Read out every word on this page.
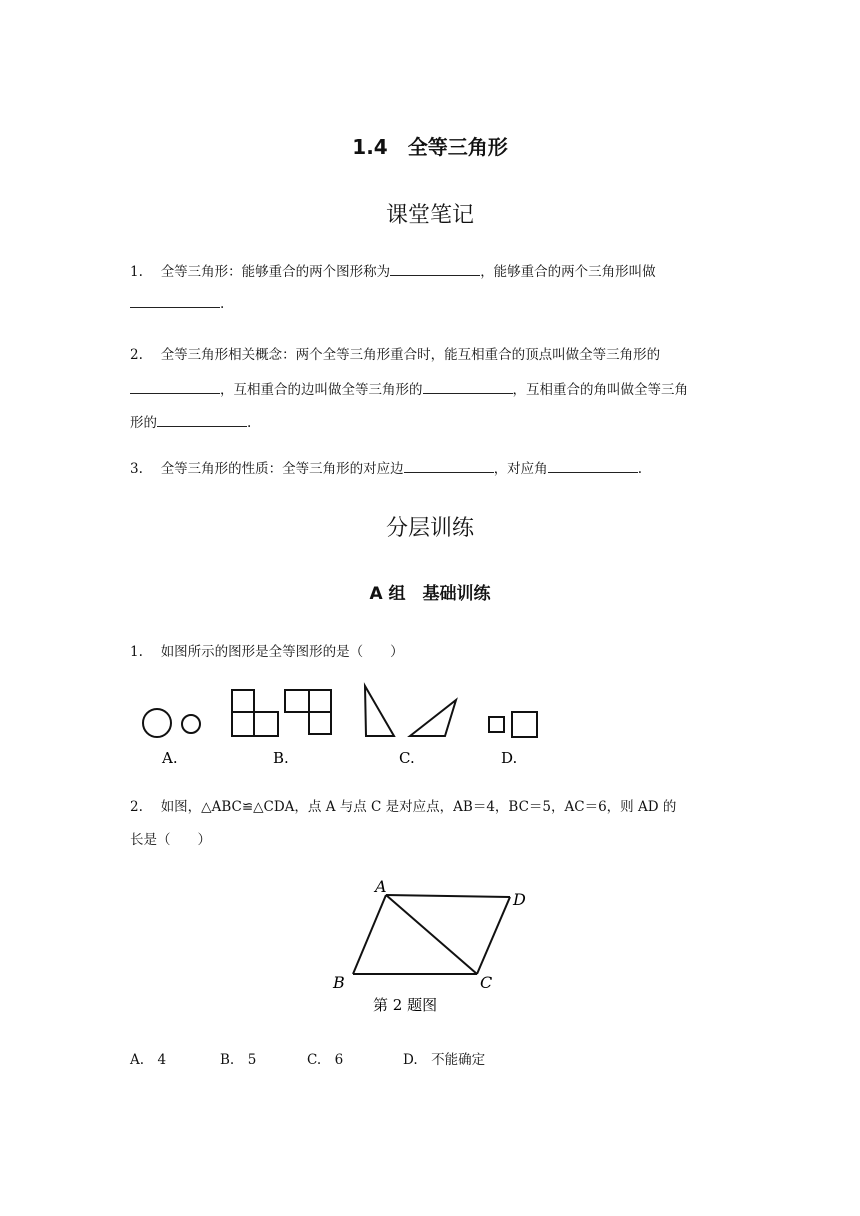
1.4　全等三角形
课堂笔记
1.　 全等三角形：能够重合的两个图形称为	，能够重合的两个三角形叫做
.
2.　 全等三角形相关概念：两个全等三角形重合时，能互相重合的顶点叫做全等三角形的
，互相重合的边叫做全等三角形的	，互相重合的角叫做全等三角
形的	.
3.　 全等三角形的性质：全等三角形的对应边	，对应角	.
分层训练
A 组　基础训练
1.　 如图所示的图形是全等图形的是（　　）
A.	B.	C.	D.
2.　 如图，△ABC≌△CDA，点 A 与点 C 是对应点，AB＝4，BC＝5，AC＝6，则 AD 的
长是（　　）
A
D
B	C
第 2 题图
A.　4	B.　5	C.　6	D.　不能确定
